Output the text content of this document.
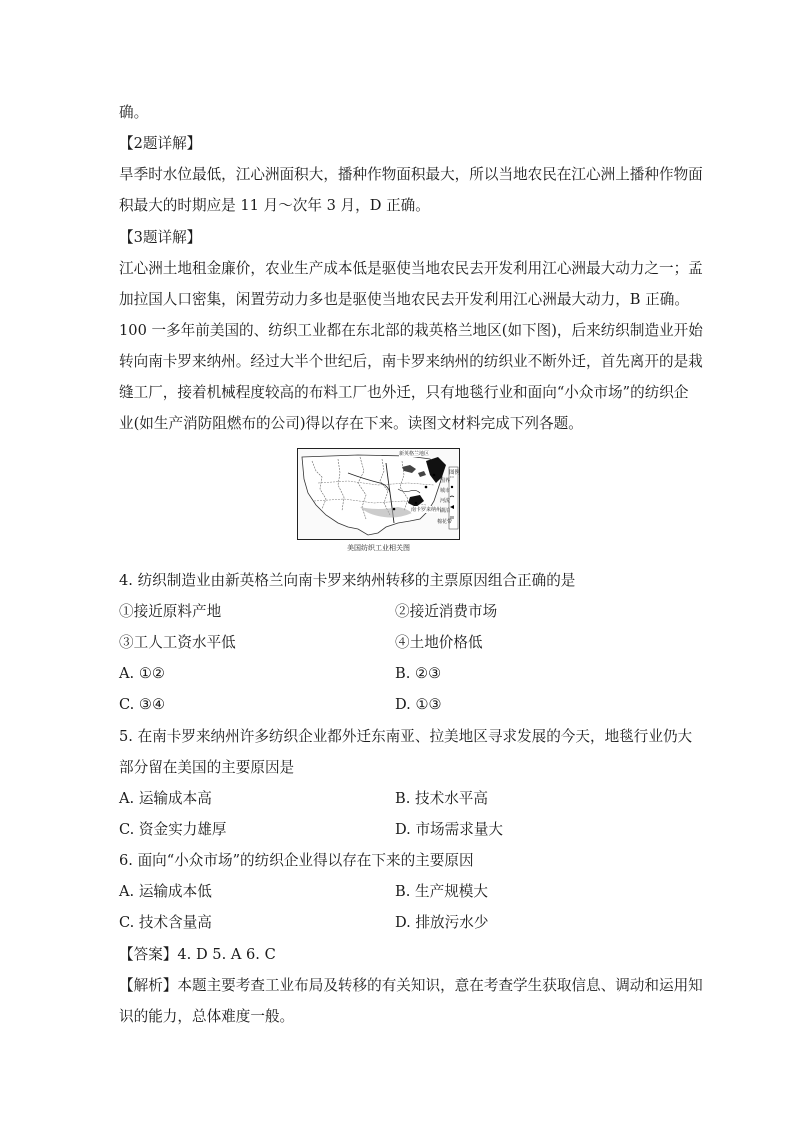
确。
【2题详解】
旱季时水位最低，江心洲面积大，播种作物面积最大，所以当地农民在江心洲上播种作物面
积最大的时期应是 11 月～次年 3 月，D 正确。
【3题详解】
江心洲土地租金廉价，农业生产成本低是驱使当地农民去开发利用江心洲最大动力之一；孟
加拉国人口密集，闲置劳动力多也是驱使当地农民去开发利用江心洲最大动力，B 正确。
100 一多年前美国的、纺织工业都在东北部的栽英格兰地区(如下图)，后来纺织制造业开始
转向南卡罗来纳州。经过大半个世纪后，南卡罗来纳州的纺织业不断外迁，首先离开的是栽
缝工厂，接着机械程度较高的布料工厂也外迁，只有地毯行业和面向“小众市场”的纺织企
业(如生产消防阻燃布的公司)得以存在下来。读图文材料完成下列各题。
新英格兰地区
南卡罗来纳州
图例
国界
城市
河流
湖泊
棉花带
美国纺织工业相关图
4. 纺织制造业由新英格兰向南卡罗来纳州转移的主票原因组合正确的是
①接近原料产地	②接近消费市场
③工人工资水平低	④土地价格低
A. ①②	B. ②③
C. ③④	D. ①③
5. 在南卡罗来纳州许多纺织企业都外迁东南亚、拉美地区寻求发展的今天，地毯行业仍大
部分留在美国的主要原因是
A. 运输成本高	B. 技术水平高
C. 资金实力雄厚	D. 市场需求量大
6. 面向“小众市场”的纺织企业得以存在下来的主要原因
A. 运输成本低	B. 生产规模大
C. 技术含量高	D. 排放污水少
【答案】4. D 5. A 6. C
【解析】本题主要考查工业布局及转移的有关知识，意在考查学生获取信息、调动和运用知
识的能力，总体难度一般。
